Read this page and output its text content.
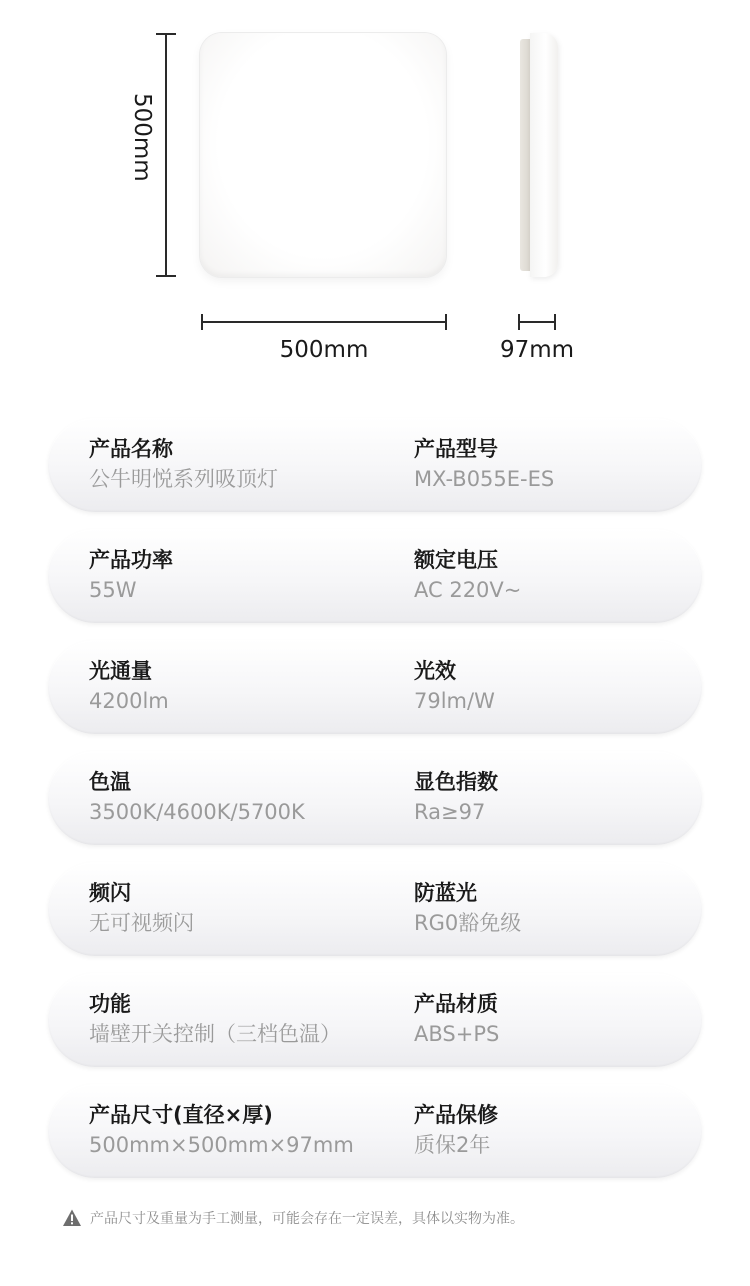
500mm
500mm	97mm
产品名称
公牛明悦系列吸顶灯
产品型号
MX-B055E-ES
产品功率
55W
额定电压
AC 220V~
光通量
4200lm
光效
79lm/W
色温
3500K/4600K/5700K
显色指数
Ra≥97
频闪
无可视频闪
防蓝光
RG0豁免级
功能
墙壁开关控制（三档色温）
产品材质
ABS+PS
产品尺寸(直径×厚)
500mm×500mm×97mm
产品保修
质保2年
产品尺寸及重量为手工测量，可能会存在一定误差，具体以实物为准。
